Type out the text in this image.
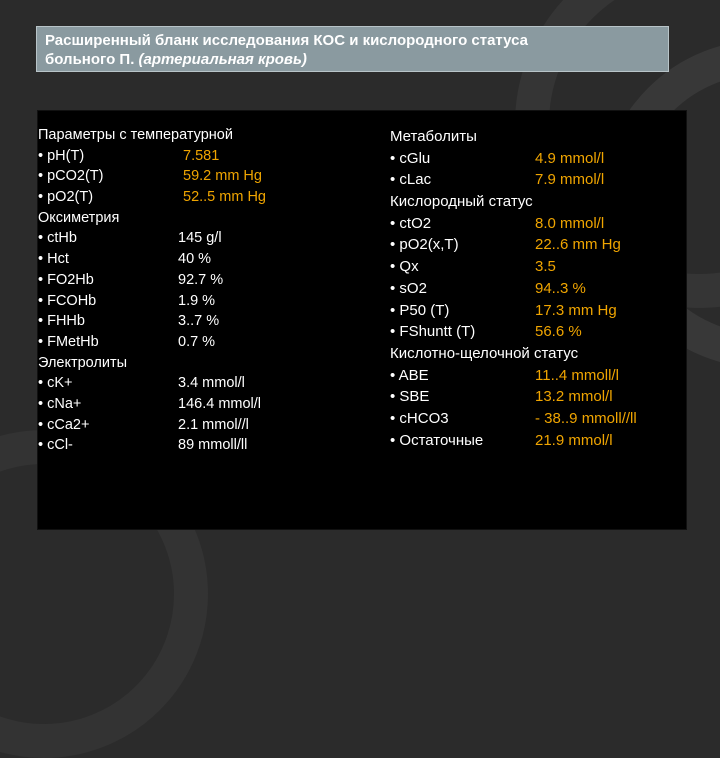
Расширенный бланк исследования КОС и кислородного статуса
больного П. (артериальная кровь)
Параметры с температурной
• pH(T)	7.581
• pCO2(T)	59.2 mm Hg
• pO2(T)	52..5 mm Hg
Оксиметрия
• ctHb	145 g/l
• Hct	40 %
• FO2Hb	92.7 %
• FCOHb	1.9 %
• FHHb	3..7 %
• FMetHb	0.7 %
Электролиты
• cK+	3.4 mmol/l
• cNa+	146.4 mmol/l
• cCa2+	2.1 mmol//l
• cCl-	89 mmoll/ll
Метаболиты
• cGlu	4.9 mmol/l
• cLac	7.9 mmol/l
Кислородный статус
• ctO2	8.0 mmol/l
• pO2(x,T)	22..6 mm Hg
• Qx	3.5
• sO2	94..3 %
• P50 (T)	17.3 mm Hg
• FShuntt (T)	56.6 %
Кислотно-щелочной статус
• ABE	11..4 mmoll/l
• SBE	13.2 mmol/l
• cHCO3	- 38..9 mmoll//ll
• Остаточные	21.9 mmol/l
